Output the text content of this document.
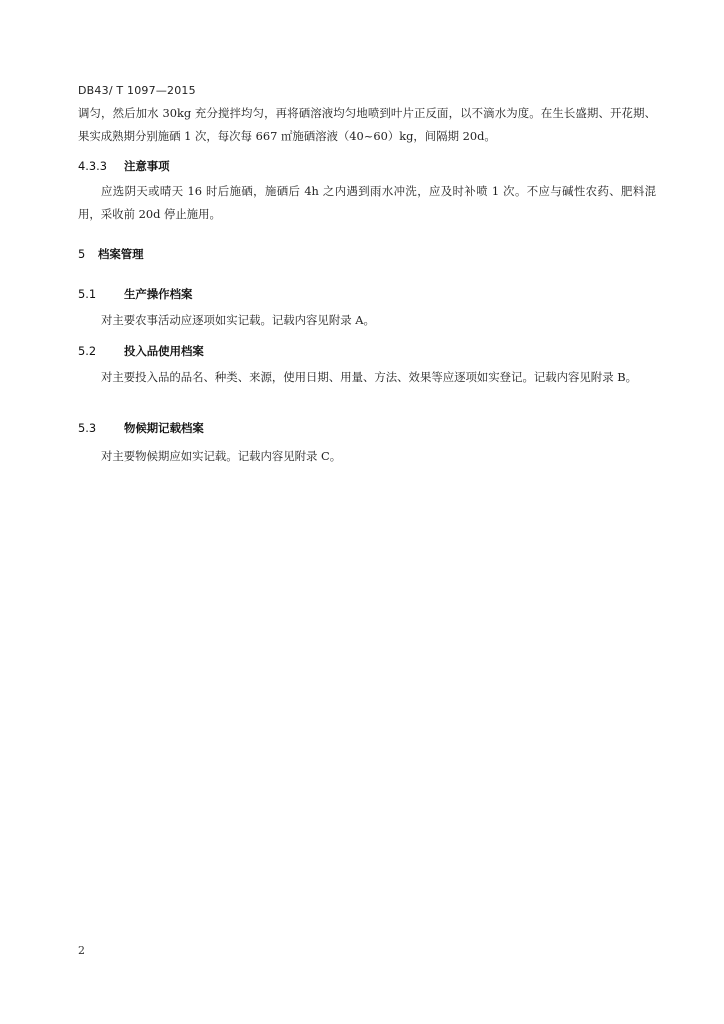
DB43/ T 1097—2015
调匀，然后加水 30kg 充分搅拌均匀，再将硒溶液均匀地喷到叶片正反面，以不滴水为度。在生长盛期、开花期、果实成熟期分别施硒 1 次，每次每 667 ㎡施硒溶液（40~60）kg，间隔期 20d。
4.3.3 注意事项
应选阴天或晴天 16 时后施硒，施硒后 4h 之内遇到雨水冲洗，应及时补喷 1 次。不应与碱性农药、肥料混用，采收前 20d 停止施用。
5 档案管理
5.1 生产操作档案
对主要农事活动应逐项如实记载。记载内容见附录 A。
5.2 投入品使用档案
对主要投入品的品名、种类、来源，使用日期、用量、方法、效果等应逐项如实登记。记载内容见附录 B。
5.3 物候期记载档案
对主要物候期应如实记载。记载内容见附录 C。
2
